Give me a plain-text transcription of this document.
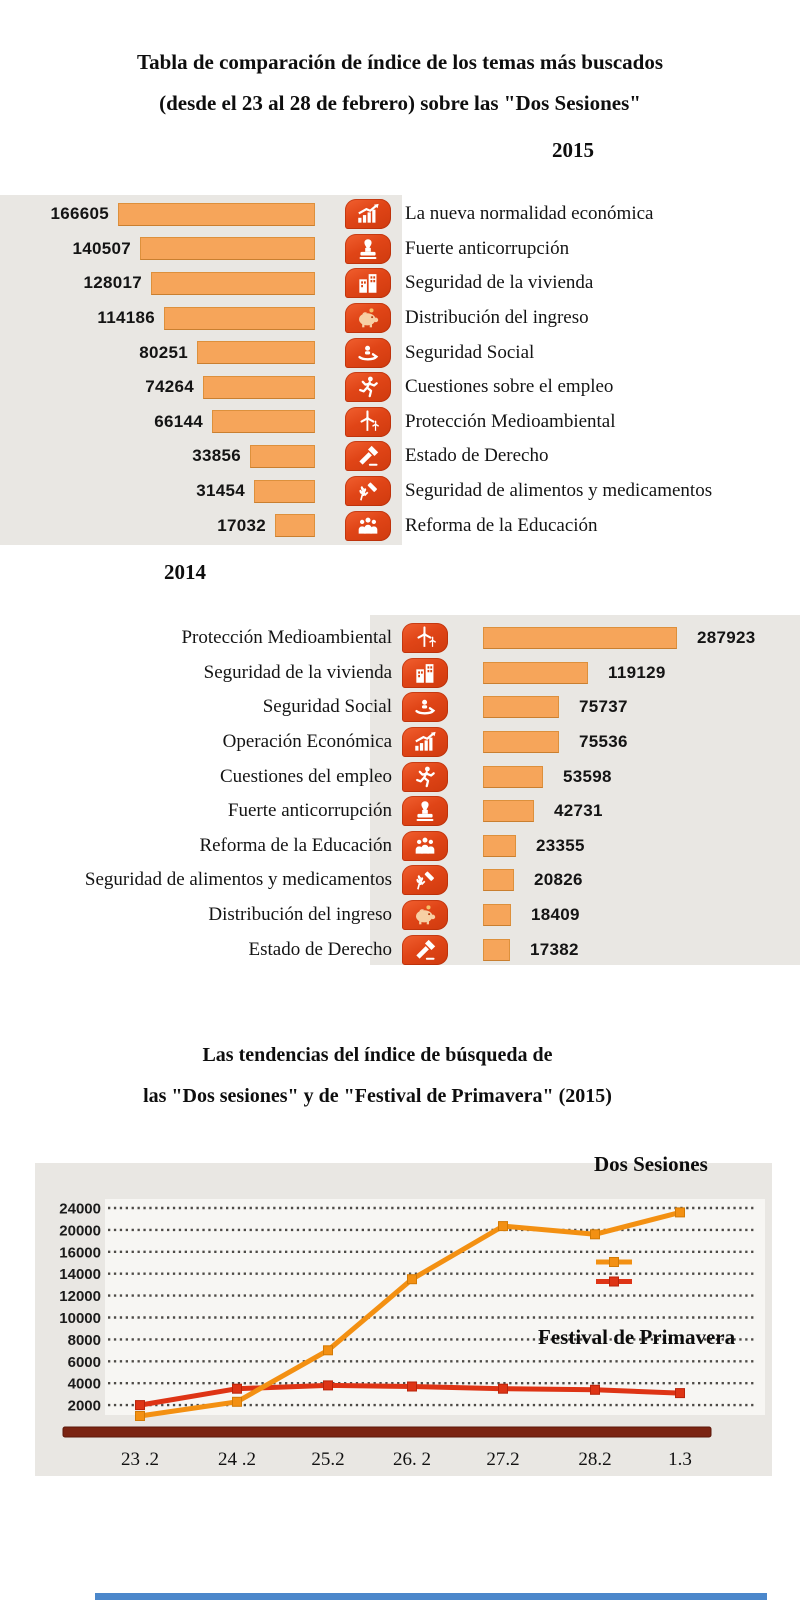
Tabla de comparación de índice de los temas más buscados
(desde el 23 al 28 de febrero) sobre las "Dos Sesiones"
2015
166605	La nueva normalidad económica
140507	Fuerte anticorrupción
128017	Seguridad de la vivienda
114186	Distribución del ingreso
80251	Seguridad Social
74264	Cuestiones sobre el empleo
66144	Protección Medioambiental
33856	Estado de Derecho
31454	Seguridad de alimentos y medicamentos
17032	Reforma de la Educación
2014
Protección Medioambiental	287923
Seguridad de la vivienda	119129
Seguridad Social	75737
Operación Económica	75536
Cuestiones del empleo	53598
Fuerte anticorrupción	42731
Reforma de la Educación	23355
Seguridad de alimentos y medicamentos	20826
Distribución del ingreso	18409
Estado de Derecho	17382
Las tendencias del índice de búsqueda de
las "Dos sesiones" y de "Festival de Primavera" (2015)
24000
20000
16000
14000
12000
10000
8000
6000
4000
2000
Dos Sesiones
Festival de Primavera
23 .2	24 .2	25.2	26. 2	27.2	28.2	1.3
